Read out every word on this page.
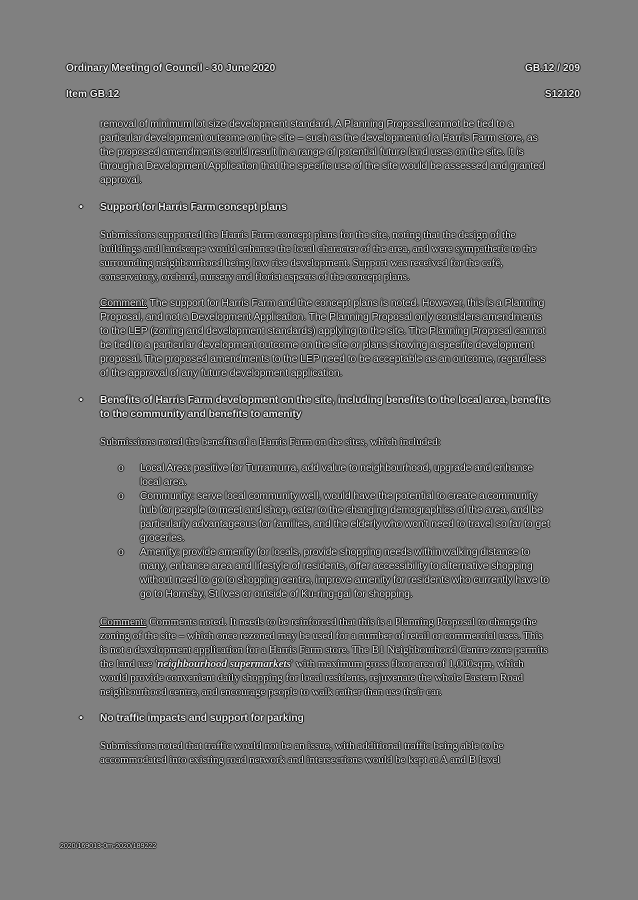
Ordinary Meeting of Council - 30 June 2020	GB.12 / 209
Item GB.12	S12120

removal of minimum lot size development standard. A Planning Proposal cannot be tied to a particular development outcome on the site – such as the development of a Harris Farm store, as the proposed amendments could result in a range of potential future land uses on the site. It is through a Development Application that the specific use of the site would be assessed and granted approval.

•	Support for Harris Farm concept plans

Submissions supported the Harris Farm concept plans for the site, noting that the design of the buildings and landscape would enhance the local character of the area, and were sympathetic to the surrounding neighbourhood being low rise development. Support was received for the café, conservatory, orchard, nursery and florist aspects of the concept plans.

Comment: The support for Harris Farm and the concept plans is noted. However, this is a Planning Proposal, and not a Development Application. The Planning Proposal only considers amendments to the LEP (zoning and development standards) applying to the site. The Planning Proposal cannot be tied to a particular development outcome on the site or plans showing a specific development proposal. The proposed amendments to the LEP need to be acceptable as an outcome, regardless of the approval of any future development application.

•	Benefits of Harris Farm development on the site, including benefits to the local area, benefits to the community and benefits to amenity

Submissions noted the benefits of a Harris Farm on the sites, which included:

o Local Area: positive for Turramurra, add value to neighbourhood, upgrade and enhance local area.

o Community: serve local community well, would have the potential to create a community hub for people to meet and shop, cater to the changing demographics of the area, and be particularly advantageous for families, and the elderly who won't need to travel so far to get groceries.

o Amenity: provide amenity for locals, provide shopping needs within walking distance to many, enhance area and lifestyle of residents, offer accessibility to alternative shopping without need to go to shopping centre, improve amenity for residents who currently have to go to Hornsby, St Ives or outside of Ku-ring-gai for shopping.

Comment: Comments noted. It needs to be reinforced that this is a Planning Proposal to change the zoning of the site – which once rezoned may be used for a number of retail or commercial uses. This is not a development application for a Harris Farm store. The B1 Neighbourhood Centre zone permits the land use 'neighbourhood supermarkets' with maximum gross floor area of 1,000sqm, which would provide convenient daily shopping for local residents, rejuvenate the whole Eastern Road neighbourhood centre, and encourage people to walk rather than use their car.

•	No traffic impacts and support for parking

Submissions noted that traffic would not be an issue, with additional traffic being able to be accommodated into existing road network and intersections would be kept at A and B level

2020/169013-0m-2020/189222
